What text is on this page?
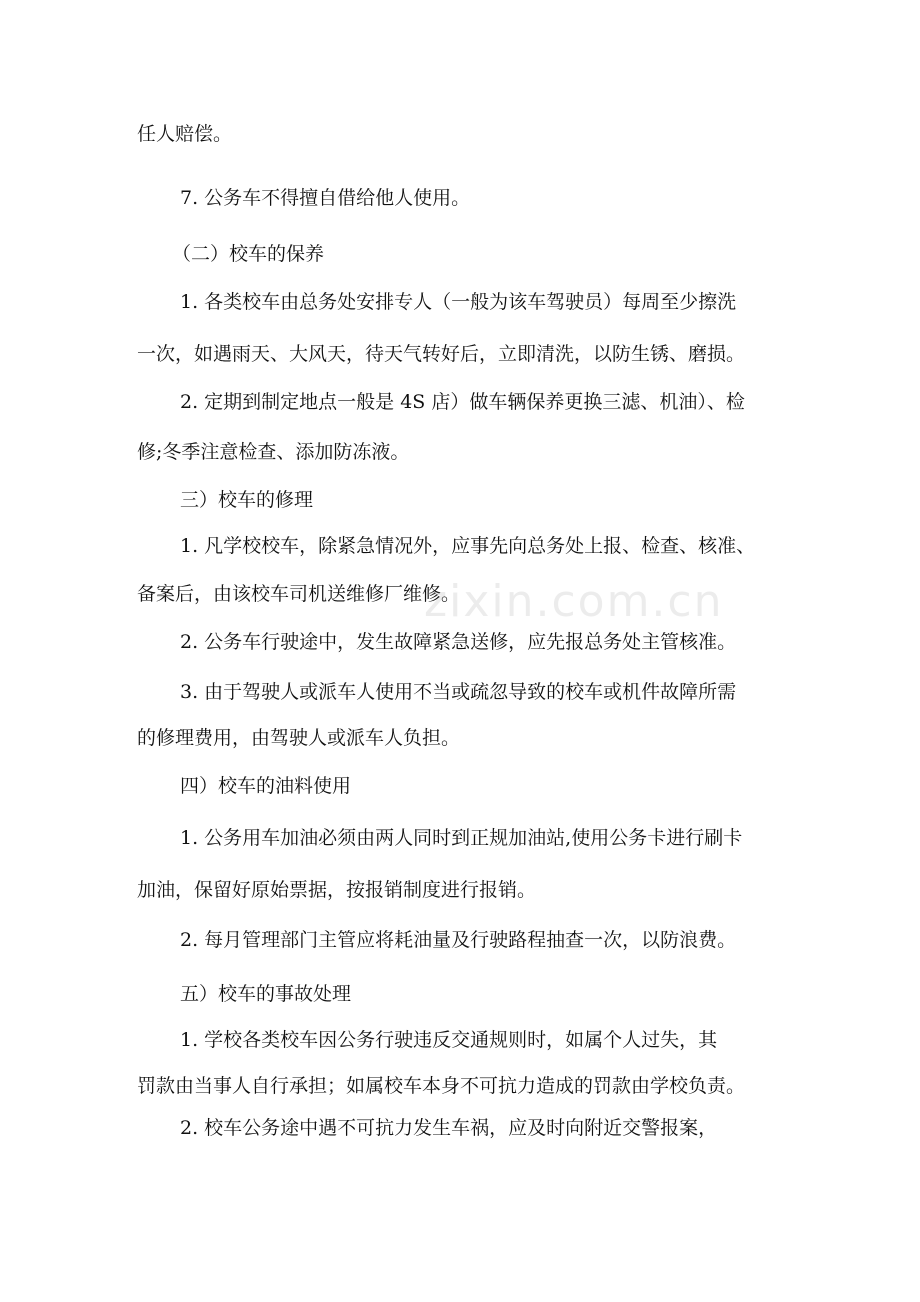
任人赔偿。
7. 公务车不得擅自借给他人使用。
（二）校车的保养
1. 各类校车由总务处安排专人（一般为该车驾驶员）每周至少擦洗
一次，如遇雨天、大风天，待天气转好后，立即清洗，以防生锈、磨损。
2. 定期到制定地点一般是 4S 店）做车辆保养更换三滤、机油）、检
修;冬季注意检查、添加防冻液。
三）校车的修理
1. 凡学校校车，除紧急情况外，应事先向总务处上报、检查、核准、
备案后，由该校车司机送维修厂维修。
2. 公务车行驶途中，发生故障紧急送修，应先报总务处主管核准。
3. 由于驾驶人或派车人使用不当或疏忽导致的校车或机件故障所需
的修理费用，由驾驶人或派车人负担。
四）校车的油料使用
1. 公务用车加油必须由两人同时到正规加油站,使用公务卡进行刷卡
加油，保留好原始票据，按报销制度进行报销。
2. 每月管理部门主管应将耗油量及行驶路程抽查一次，以防浪费。
五）校车的事故处理
1. 学校各类校车因公务行驶违反交通规则时，如属个人过失，其
罚款由当事人自行承担；如属校车本身不可抗力造成的罚款由学校负责。
2. 校车公务途中遇不可抗力发生车祸，应及时向附近交警报案，
zixin.com.cn
